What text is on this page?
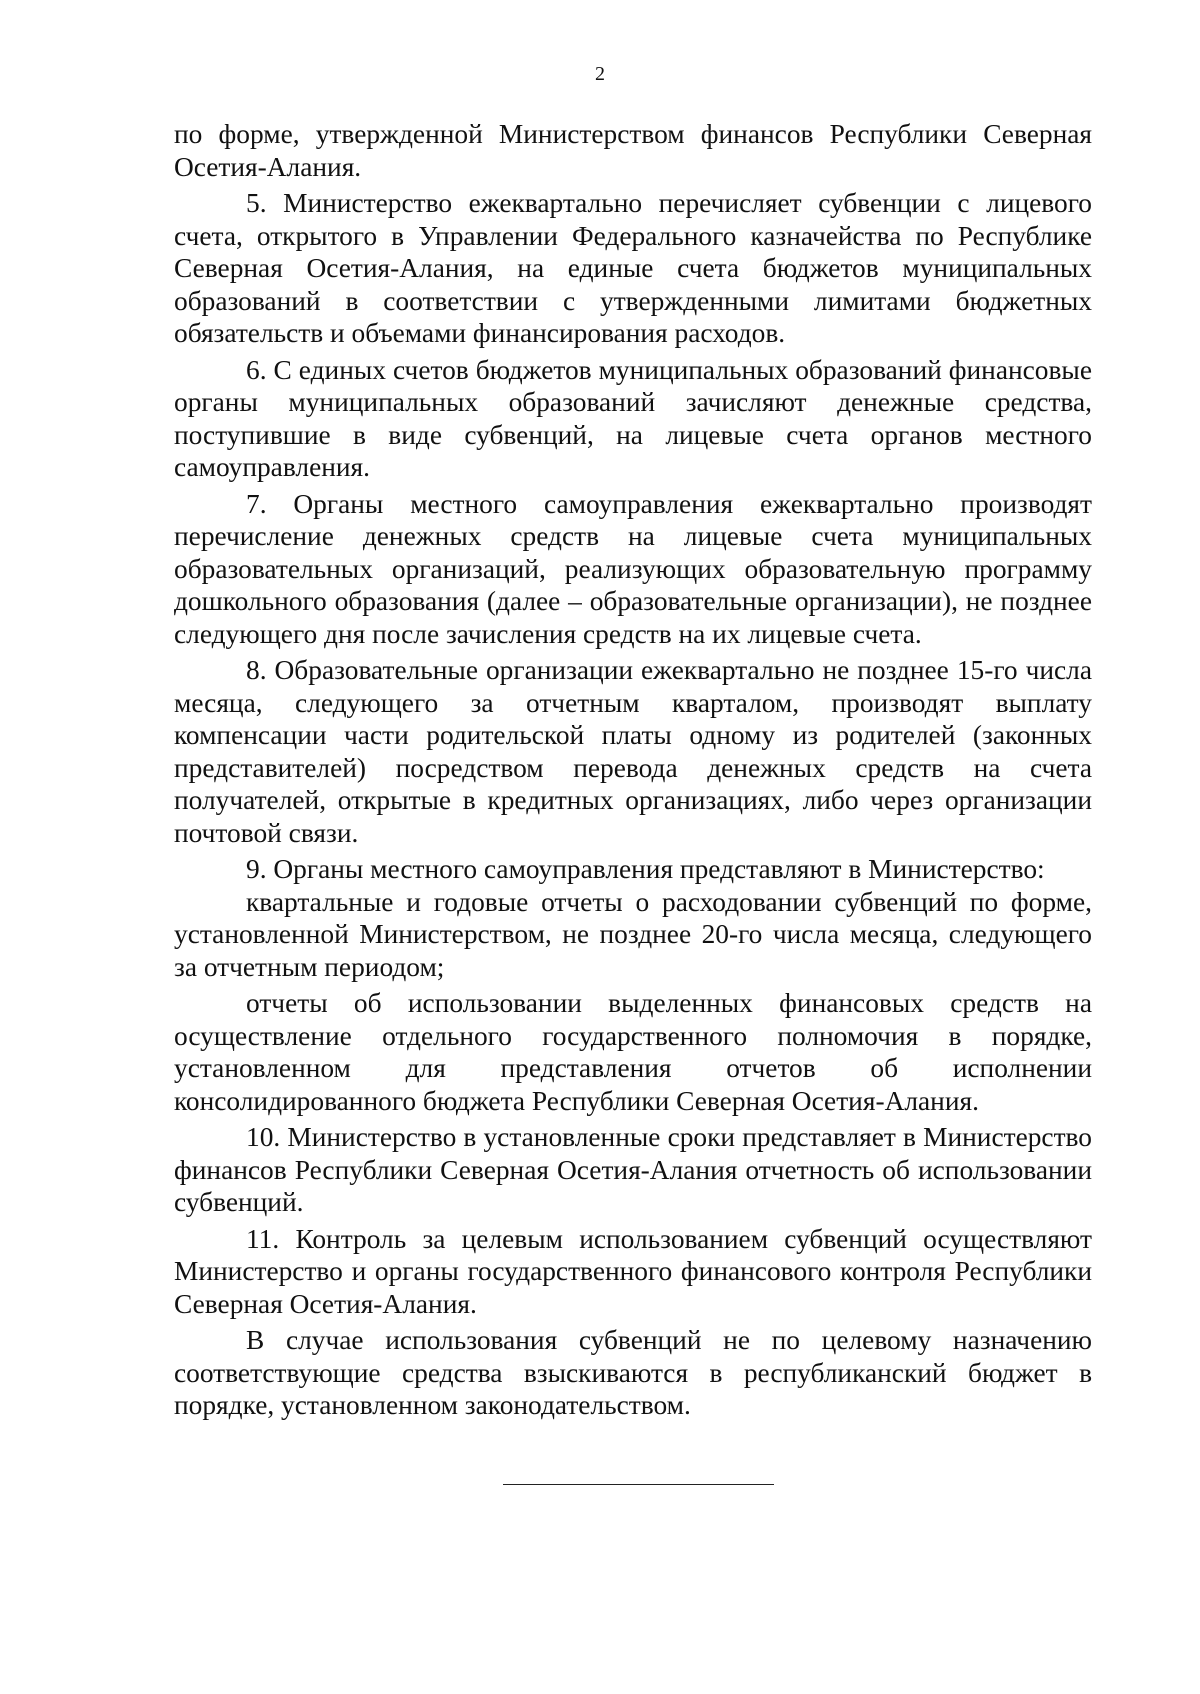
2

по форме, утвержденной Министерством финансов Республики Северная Осетия-Алания.

5. Министерство ежеквартально перечисляет субвенции с лицевого счета, открытого в Управлении Федерального казначейства по Республике Северная Осетия-Алания, на единые счета бюджетов муниципальных образований в соответствии с утвержденными лимитами бюджетных обязательств и объемами финансирования расходов.

6. С единых счетов бюджетов муниципальных образований финансовые органы муниципальных образований зачисляют денежные средства, поступившие в виде субвенций, на лицевые счета органов местного самоуправления.

7. Органы местного самоуправления ежеквартально производят перечисление денежных средств на лицевые счета муниципальных образовательных организаций, реализующих образовательную программу дошкольного образования (далее – образовательные организации), не позднее следующего дня после зачисления средств на их лицевые счета.

8. Образовательные организации ежеквартально не позднее 15-го числа месяца, следующего за отчетным кварталом, производят выплату компенсации части родительской платы одному из родителей (законных представителей) посредством перевода денежных средств на счета получателей, открытые в кредитных организациях, либо через организации почтовой связи.

9. Органы местного самоуправления представляют в Министерство:

квартальные и годовые отчеты о расходовании субвенций по форме, установленной Министерством, не позднее 20-го числа месяца, следующего за отчетным периодом;

отчеты об использовании выделенных финансовых средств на осуществление отдельного государственного полномочия в порядке, установленном для представления отчетов об исполнении консолидированного бюджета Республики Северная Осетия-Алания.

10. Министерство в установленные сроки представляет в Министерство финансов Республики Северная Осетия-Алания отчетность об использовании субвенций.

11. Контроль за целевым использованием субвенций осуществляют Министерство и органы государственного финансового контроля Республики Северная Осетия-Алания.

В случае использования субвенций не по целевому назначению соответствующие средства взыскиваются в республиканский бюджет в порядке, установленном законодательством.
